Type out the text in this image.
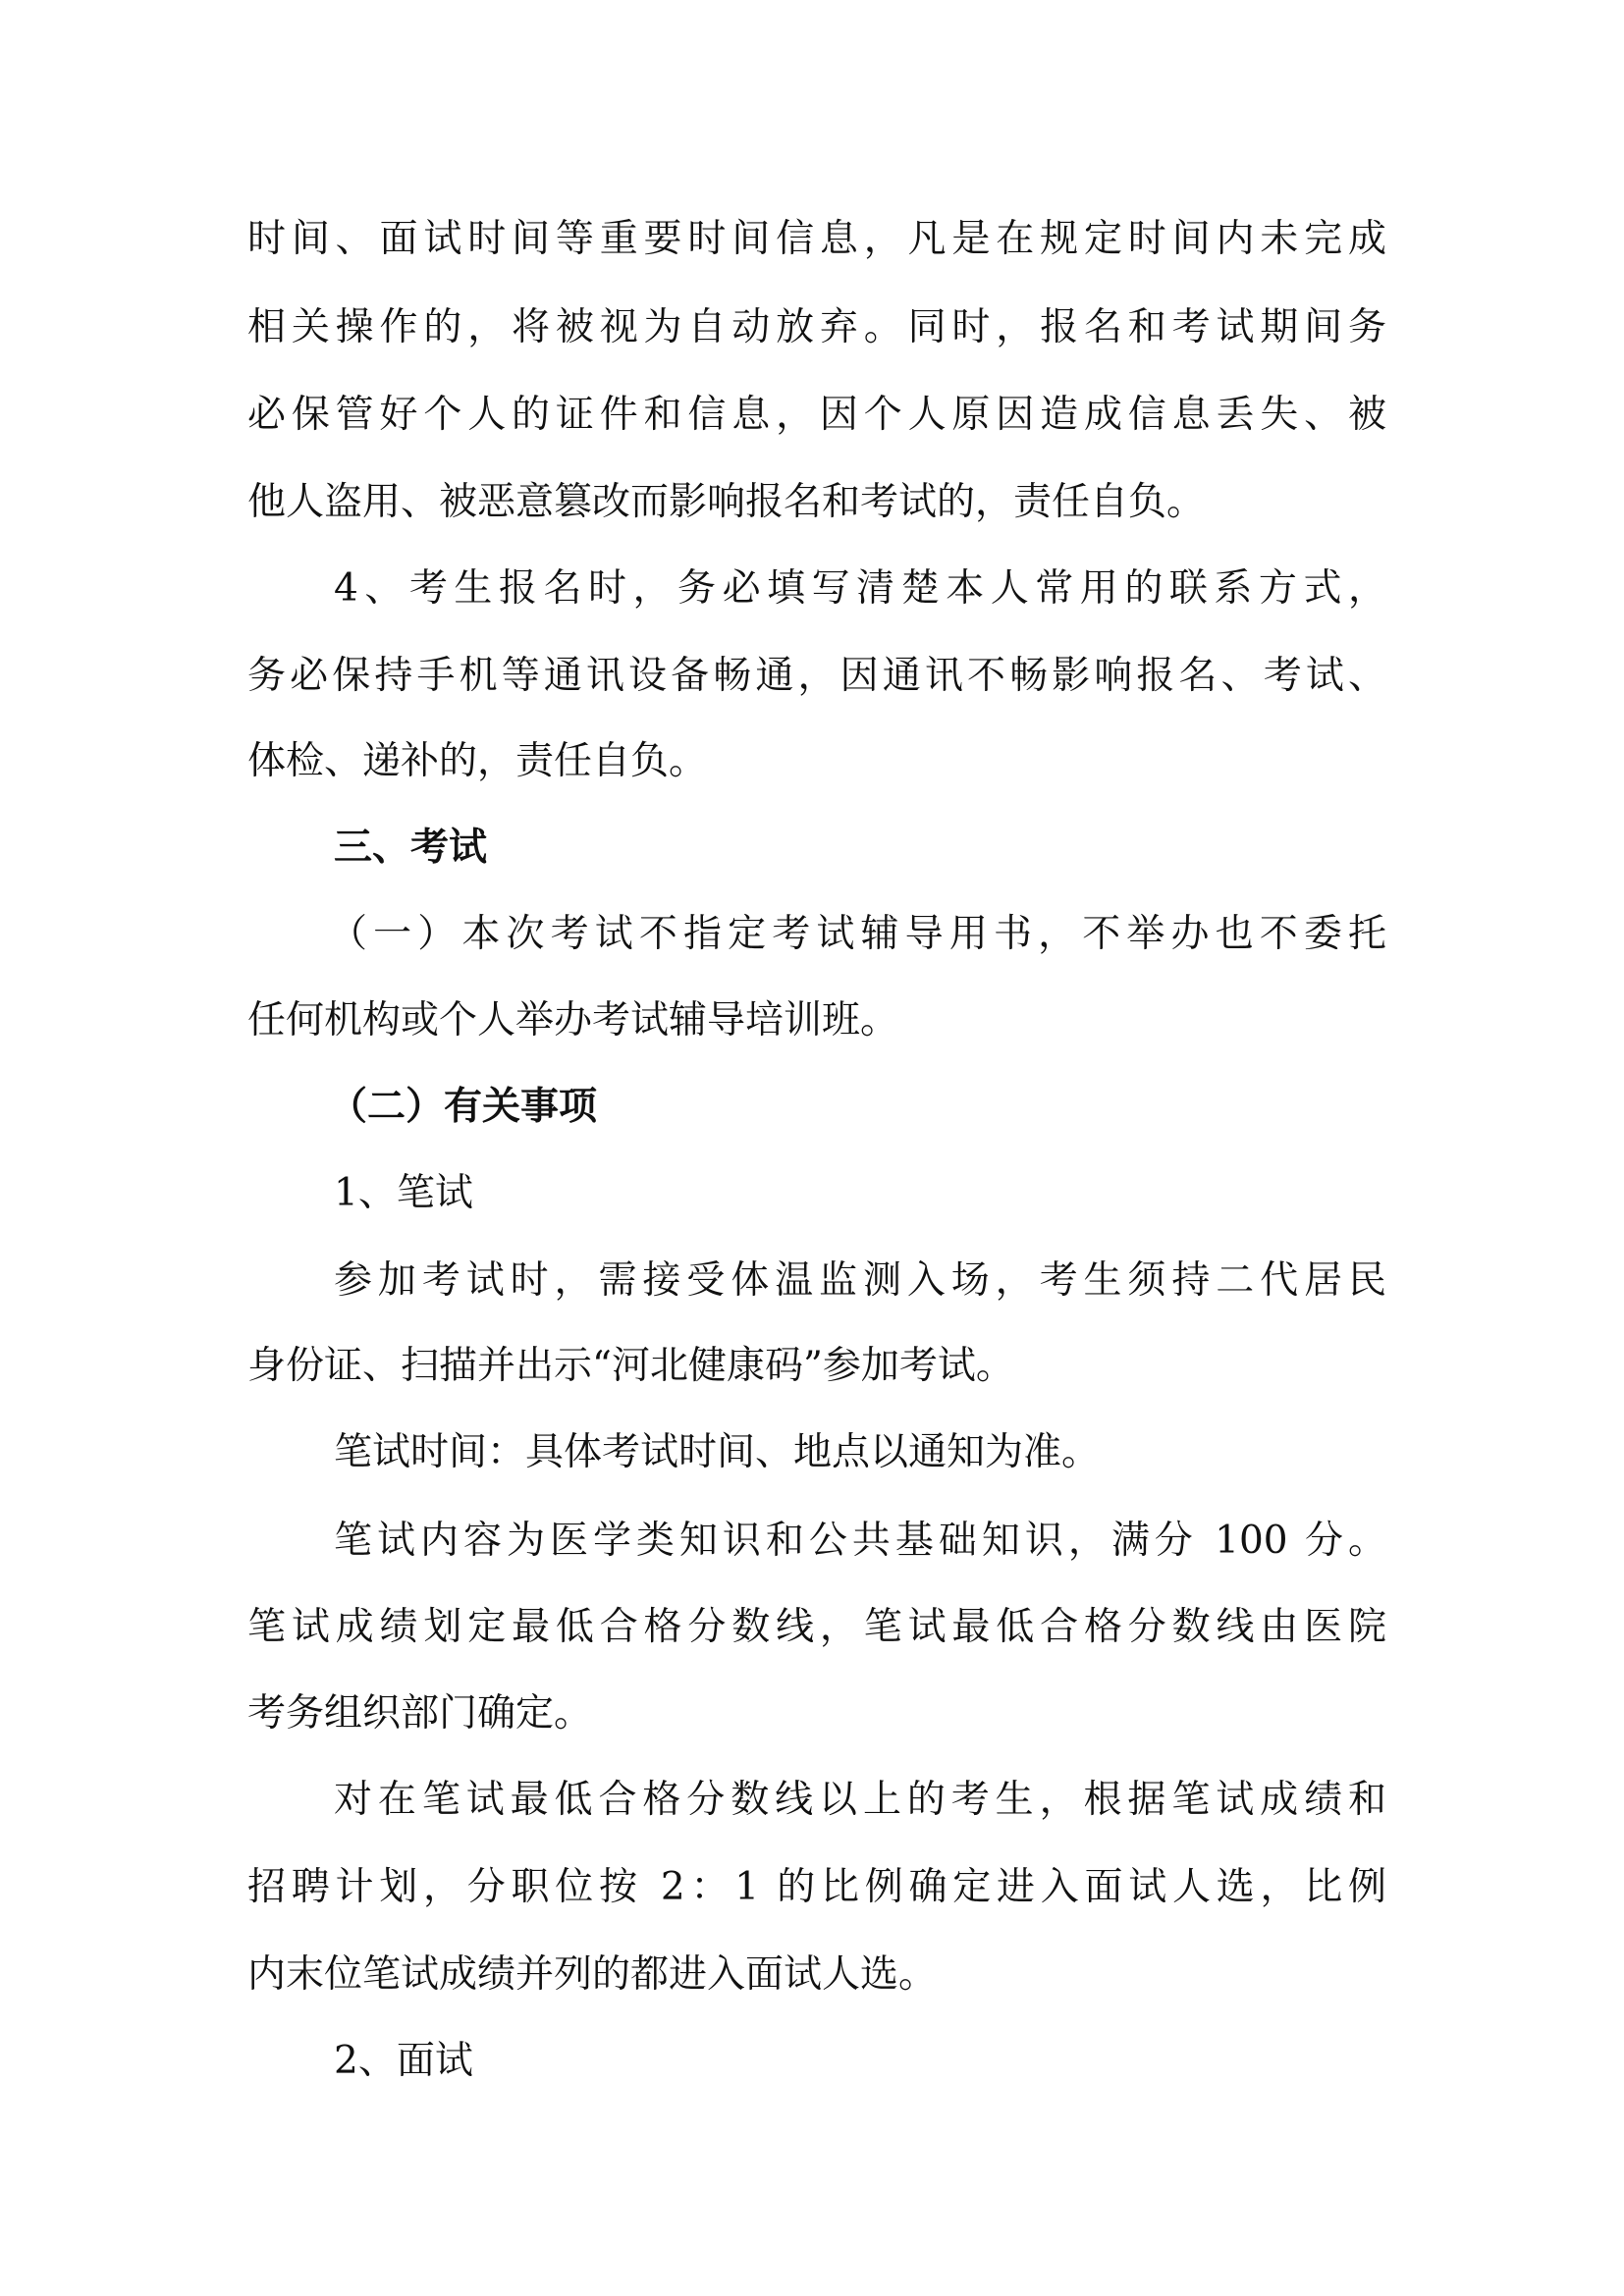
时间、面试时间等重要时间信息，凡是在规定时间内未完成
相关操作的，将被视为自动放弃。同时，报名和考试期间务
必保管好个人的证件和信息，因个人原因造成信息丢失、被
他人盗用、被恶意篡改而影响报名和考试的，责任自负。
4、考生报名时，务必填写清楚本人常用的联系方式，
务必保持手机等通讯设备畅通，因通讯不畅影响报名、考试、
体检、递补的，责任自负。
三、考试
（一）本次考试不指定考试辅导用书，不举办也不委托
任何机构或个人举办考试辅导培训班。
（二）有关事项
1、笔试
参加考试时，需接受体温监测入场，考生须持二代居民
身份证、扫描并出示“河北健康码”参加考试。
笔试时间：具体考试时间、地点以通知为准。
笔试内容为医学类知识和公共基础知识，满分 100 分。
笔试成绩划定最低合格分数线，笔试最低合格分数线由医院
考务组织部门确定。
对在笔试最低合格分数线以上的考生，根据笔试成绩和
招聘计划，分职位按 2：1 的比例确定进入面试人选，比例
内末位笔试成绩并列的都进入面试人选。
2、面试
